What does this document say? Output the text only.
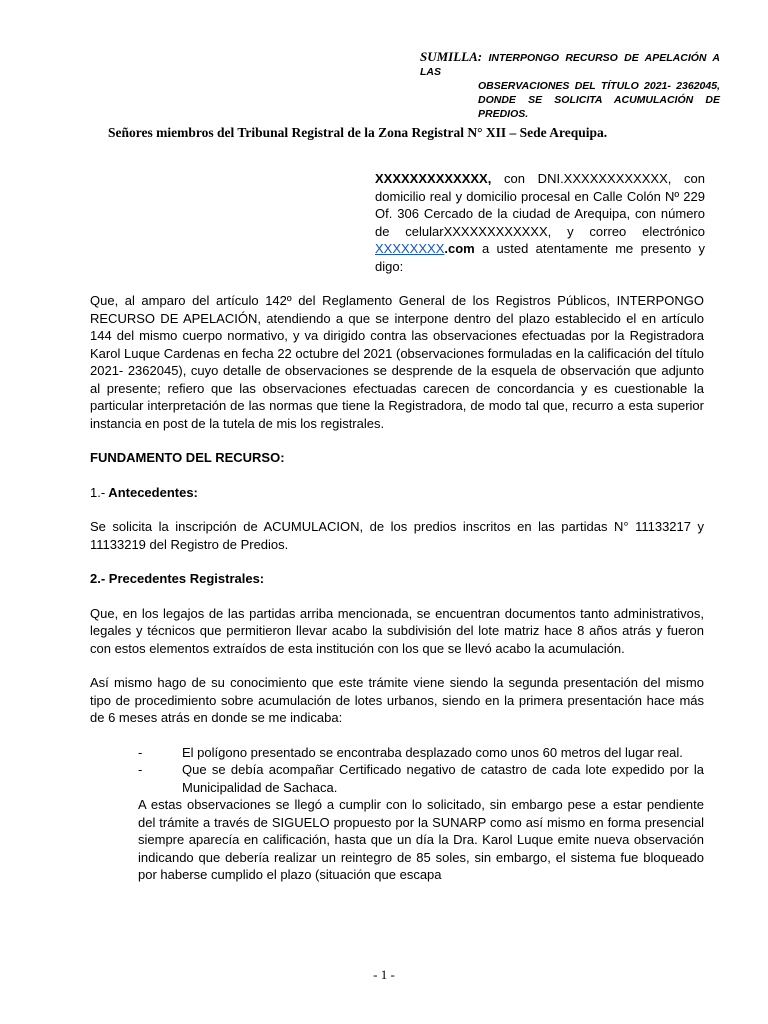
SUMILLA: INTERPONGO RECURSO DE APELACIÓN A LAS
OBSERVACIONES DEL TÍTULO 2021- 2362045,
DONDE SE SOLICITA ACUMULACIÓN DE PREDIOS.
Señores miembros del Tribunal Registral de la Zona Registral N° XII – Sede Arequipa.
XXXXXXXXXXXXX, con DNI.XXXXXXXXXXXX, con domicilio real y domicilio procesal en Calle Colón Nº 229 Of. 306 Cercado de la ciudad de Arequipa, con número de celularXXXXXXXXXXXX, y correo electrónico XXXXXXXX.com a usted atentamente me presento y digo:

Que, al amparo del artículo 142º del Reglamento General de los Registros Públicos, INTERPONGO RECURSO DE APELACIÓN, atendiendo a que se interpone dentro del plazo establecido el en artículo 144 del mismo cuerpo normativo, y va dirigido contra las observaciones efectuadas por la Registradora Karol Luque Cardenas en fecha 22 octubre del 2021 (observaciones formuladas en la calificación del título 2021- 2362045), cuyo detalle de observaciones se desprende de la esquela de observación que adjunto al presente; refiero que las observaciones efectuadas carecen de concordancia y es cuestionable la particular interpretación de las normas que tiene la Registradora, de modo tal que, recurro a esta superior instancia en post de la tutela de mis los registrales.

FUNDAMENTO DEL RECURSO:

1.- Antecedentes:

Se solicita la inscripción de ACUMULACION, de los predios inscritos en las partidas N° 11133217 y 11133219 del Registro de Predios.

2.- Precedentes Registrales:

Que, en los legajos de las partidas arriba mencionada, se encuentran documentos tanto administrativos, legales y técnicos que permitieron llevar acabo la subdivisión del lote matriz hace 8 años atrás y fueron con estos elementos extraídos de esta institución con los que se llevó acabo la acumulación.

Así mismo hago de su conocimiento que este trámite viene siendo la segunda presentación del mismo tipo de procedimiento sobre acumulación de lotes urbanos, siendo en la primera presentación hace más de 6 meses atrás en donde se me indicaba:

-	El polígono presentado se encontraba desplazado como unos 60 metros del lugar real.
-	Que se debía acompañar Certificado negativo de catastro de cada lote expedido por la Municipalidad de Sachaca.

A estas observaciones se llegó a cumplir con lo solicitado, sin embargo pese a estar pendiente del trámite a través de SIGUELO propuesto por la SUNARP como así mismo en forma presencial siempre aparecía en calificación, hasta que un día la Dra. Karol Luque emite nueva observación indicando que debería realizar un reintegro de 85 soles, sin embargo, el sistema fue bloqueado por haberse cumplido el plazo (situación que escapa

- 1 -
